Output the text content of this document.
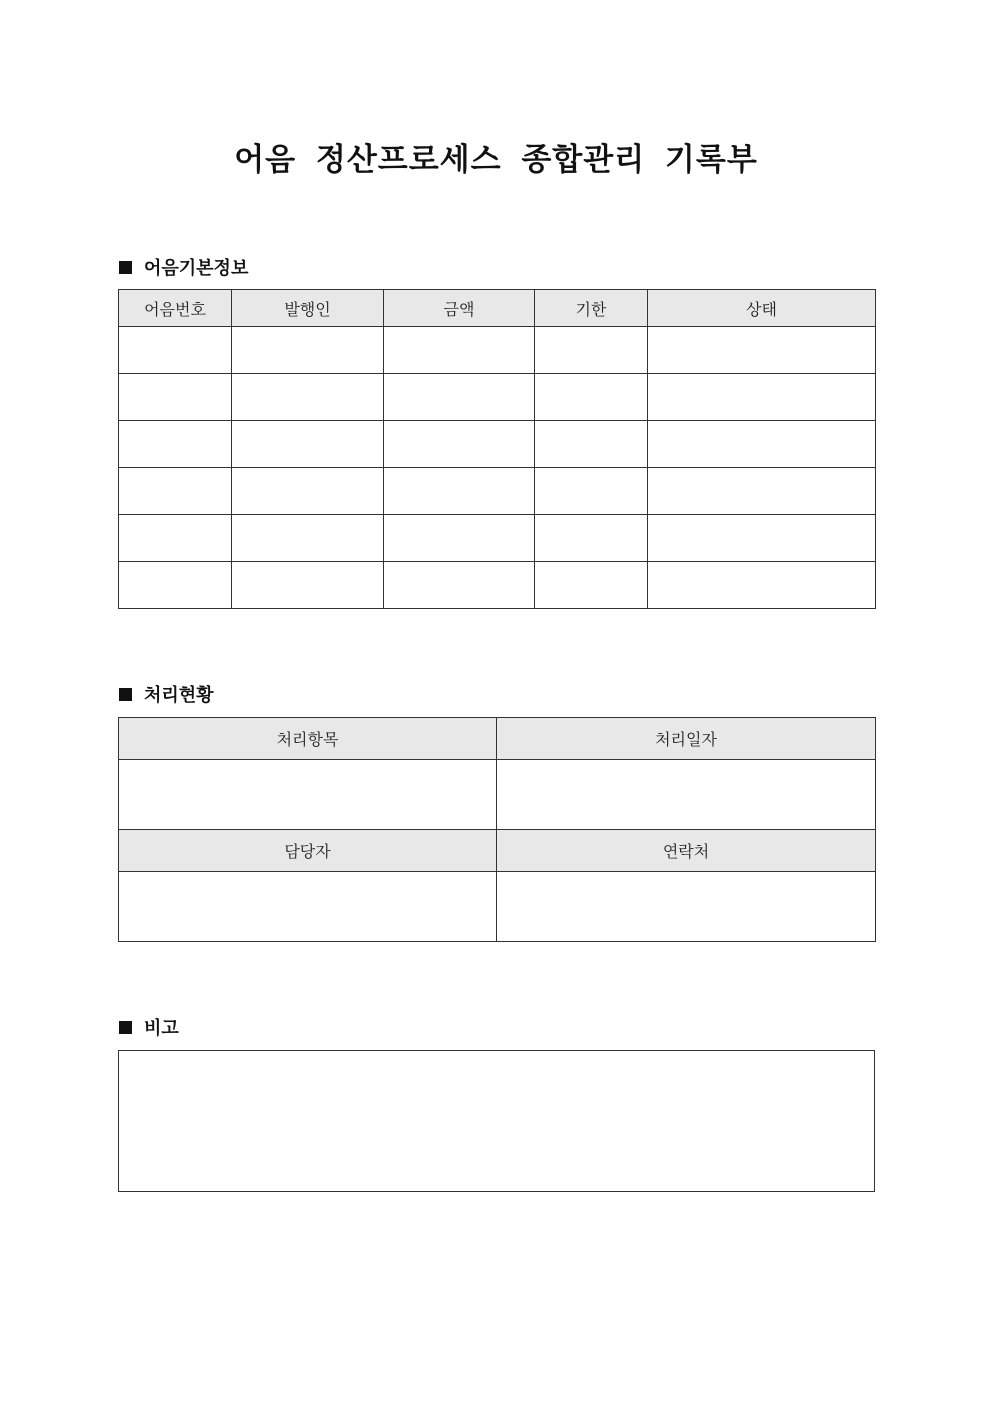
어음 정산프로세스 종합관리 기록부
어음기본정보
어음번호	발행인	금액	기한	상태

처리현황
처리항목	처리일자

담당자	연락처

비고
